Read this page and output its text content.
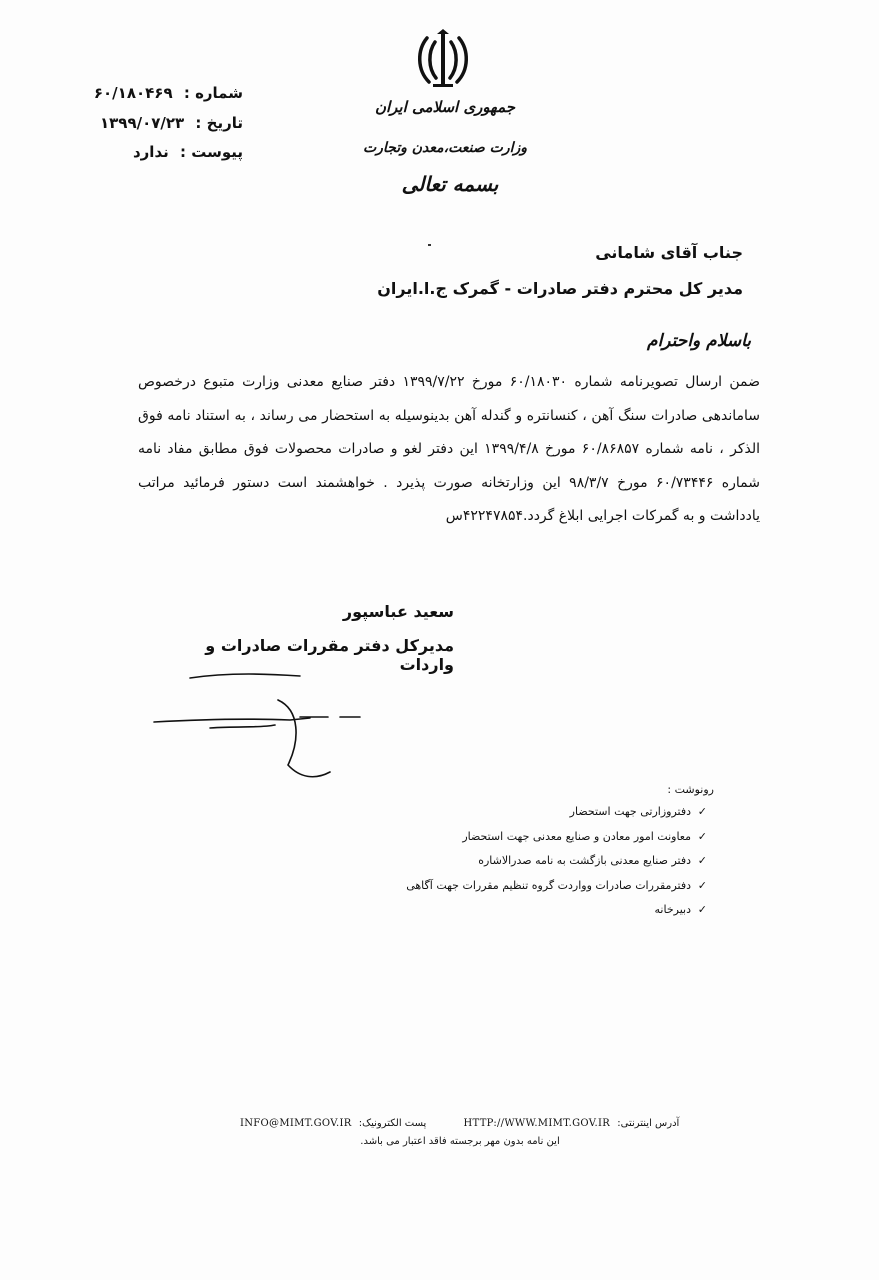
جمهوری اسلامی ایران
وزارت صنعت،معدن وتجارت
بسمه تعالی
شماره : ۶۰/۱۸۰۴۶۹
تاریخ : ۱۳۹۹/۰۷/۲۳
پیوست : ندارد
جناب آقای شامانی
مدیر کل محترم دفتر صادرات - گمرک ج.ا.ایران
باسلام واحترام
ضمن ارسال تصویرنامه شماره ۶۰/۱۸۰۳۰ مورخ ۱۳۹۹/۷/۲۲ دفتر صنایع معدنی وزارت متبوع درخصوص ساماندهی صادرات سنگ آهن ، کنسانتره و گندله آهن بدینوسیله به استحضار می رساند ، به استناد نامه فوق الذکر ، نامه شماره ۶۰/۸۶۸۵۷ مورخ ۱۳۹۹/۴/۸ این دفتر لغو و صادرات محصولات فوق مطابق مفاد نامه شماره ۶۰/۷۳۴۴۶ مورخ ۹۸/۳/۷ این وزارتخانه صورت پذیرد . خواهشمند است دستور فرمائید مراتب یادداشت و به گمرکات اجرایی ابلاغ گردد.۴۲۲۴۷۸۵۴س
سعید عباسپور
مدیرکل دفتر مقررات صادرات و واردات
رونوشت :
✓
دفتروزارتی جهت استحضار
✓
معاونت امور معادن و صنایع معدنی جهت استحضار
✓
دفتر صنایع معدنی بازگشت به نامه صدرالاشاره
✓
دفترمقررات صادرات وواردت گروه تنظیم مقررات جهت آگاهی
✓
دبیرخانه
INFO@MIMT.GOV.IR پست الکترونیک:	HTTP://WWW.MIMT.GOV.IR آدرس اینترنتی:
این نامه بدون مهر برجسته فاقد اعتبار می باشد.
